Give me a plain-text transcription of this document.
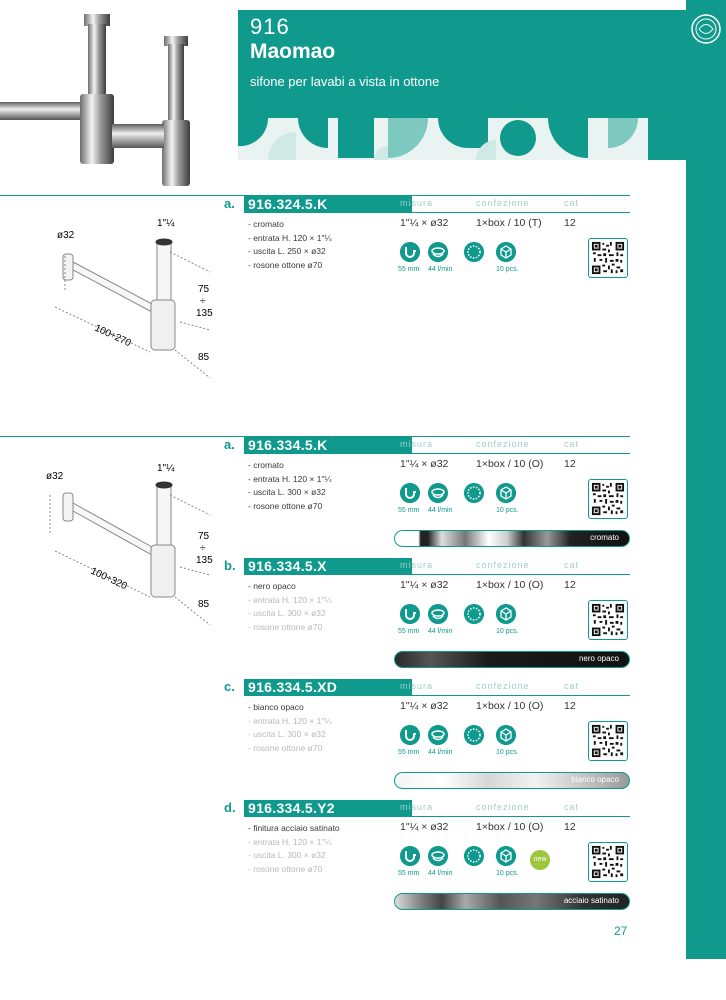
916
Maomao
sifone per lavabi a vista in ottone
1"¼
ø32
75
÷
135
100÷270
85
1"¼
ø32
75
÷
135
100÷320
85
a. 916.324.5.K	misura	confezione	cat
- cromato
- entrata H. 120 × 1"¼
- uscita L. 250 × ø32
- rosone ottone ø70
1"¼ × ø32	1×box / 10 (T) 12
55 mm 44 l/min	10 pcs.
a. 916.334.5.K	misura	confezione	cat
- cromato
- entrata H. 120 × 1"¼
- uscita L. 300 × ø32
- rosone ottone ø70
1"¼ × ø32	1×box / 10 (O) 12
55 mm 44 l/min	10 pcs.
cromato
b. 916.334.5.X	misura	confezione	cat
- nero opaco
- entrata H. 120 × 1"¼
- uscita L. 300 × ø32
- rosone ottone ø70
1"¼ × ø32	1×box / 10 (O) 12
55 mm 44 l/min	10 pcs.
nero opaco
c. 916.334.5.XD	misura	confezione	cat
- bianco opaco
- entrata H. 120 × 1"¼
- uscita L. 300 × ø32
- rosone ottone ø70
1"¼ × ø32	1×box / 10 (O) 12
55 mm 44 l/min	10 pcs.
bianco opaco
d. 916.334.5.Y2	misura	confezione	cat
- finitura acciaio satinato
- entrata H. 120 × 1"¼
- uscita L. 300 × ø32
- rosone ottone ø70
1"¼ × ø32	1×box / 10 (O) 12
55 mm 44 l/min	10 pcs.
new
acciaio satinato
27
